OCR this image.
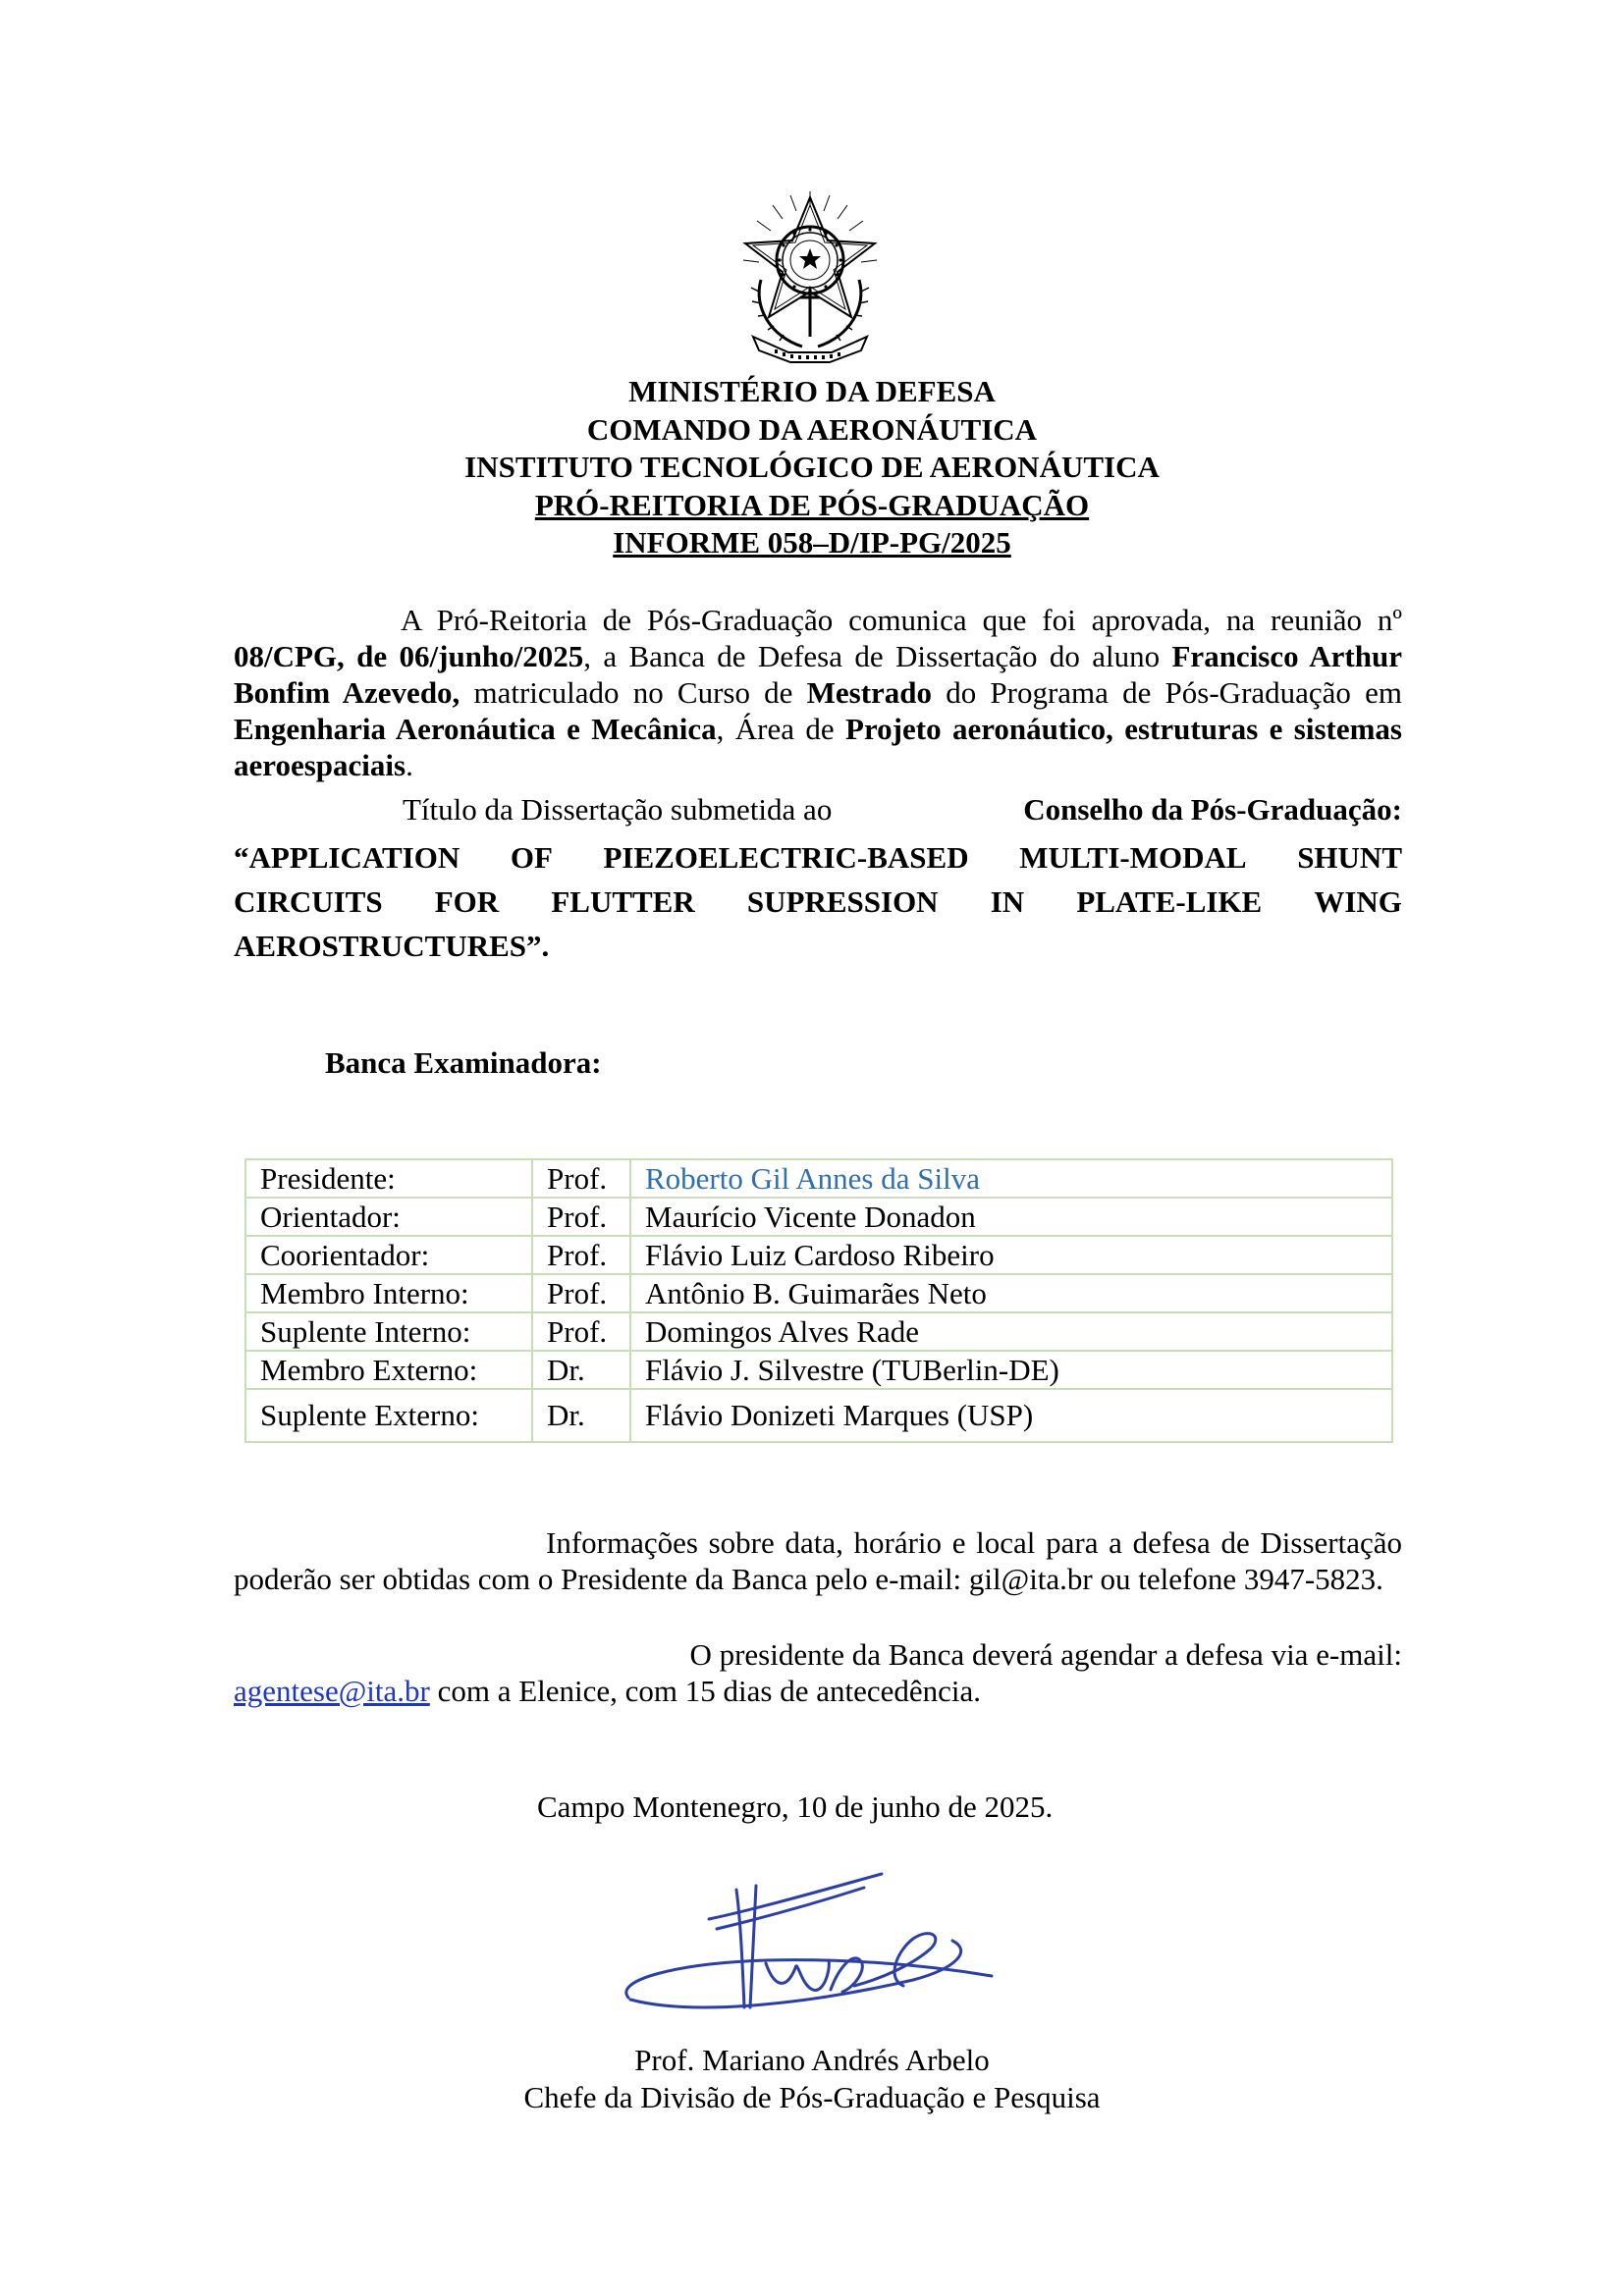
MINISTÉRIO DA DEFESA
COMANDO DA AERONÁUTICA
INSTITUTO TECNOLÓGICO DE AERONÁUTICA
PRÓ-REITORIA DE PÓS-GRADUAÇÃO
INFORME 058–D/IP-PG/2025
A Pró-Reitoria de Pós-Graduação comunica que foi aprovada, na reunião nº 08/CPG, de 06/junho/2025, a Banca de Defesa de Dissertação do aluno Francisco Arthur Bonfim Azevedo, matriculado no Curso de Mestrado do Programa de Pós-Graduação em Engenharia Aeronáutica e Mecânica, Área de Projeto aeronáutico, estruturas e sistemas aeroespaciais.
Título da Dissertação submetida ao	Conselho da Pós-Graduação:
“APPLICATION OF PIEZOELECTRIC-BASED MULTI-MODAL SHUNT
CIRCUITS FOR FLUTTER SUPRESSION IN PLATE-LIKE WING
AEROSTRUCTURES”.
Banca Examinadora:
Presidente:	Prof.	Roberto Gil Annes da Silva
Orientador:	Prof.	Maurício Vicente Donadon
Coorientador:	Prof.	Flávio Luiz Cardoso Ribeiro
Membro Interno:	Prof.	Antônio B. Guimarães Neto
Suplente Interno:	Prof.	Domingos Alves Rade
Membro Externo:	Dr.	Flávio J. Silvestre (TUBerlin-DE)
Suplente Externo:	Dr.	Flávio Donizeti Marques (USP)
Informações sobre data, horário e local para a defesa de Dissertação poderão ser obtidas com o Presidente da Banca pelo e-mail: gil@ita.br ou telefone 3947-5823.
O presidente da Banca deverá agendar a defesa via e-mail:
agentese@ita.br com a Elenice, com 15 dias de antecedência.
Campo Montenegro, 10 de junho de 2025.
Prof. Mariano Andrés Arbelo
Chefe da Divisão de Pós-Graduação e Pesquisa
